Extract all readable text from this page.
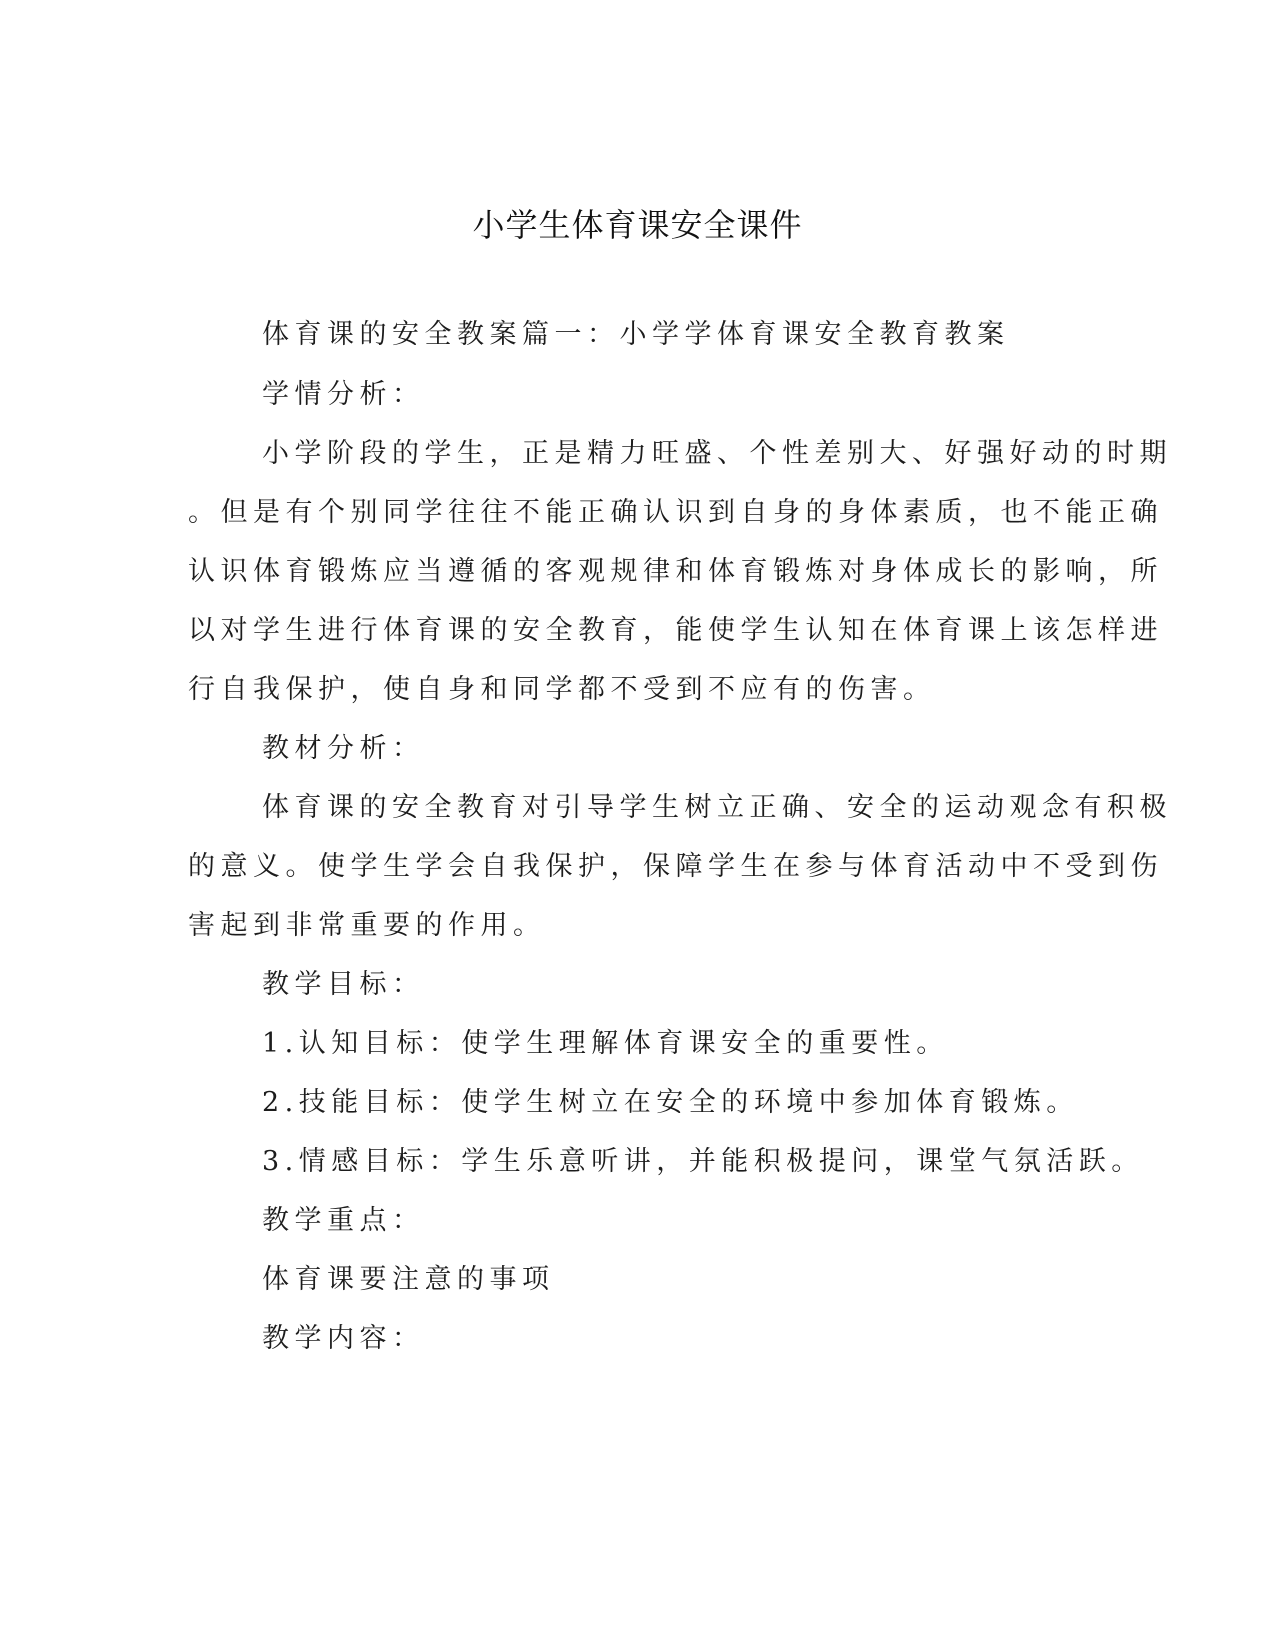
小学生体育课安全课件
体育课的安全教案篇一：小学学体育课安全教育教案
学情分析：
小学阶段的学生，正是精力旺盛、个性差别大、好强好动的时期
。但是有个别同学往往不能正确认识到自身的身体素质，也不能正确
认识体育锻炼应当遵循的客观规律和体育锻炼对身体成长的影响，所
以对学生进行体育课的安全教育，能使学生认知在体育课上该怎样进
行自我保护，使自身和同学都不受到不应有的伤害。
教材分析：
体育课的安全教育对引导学生树立正确、安全的运动观念有积极
的意义。使学生学会自我保护，保障学生在参与体育活动中不受到伤
害起到非常重要的作用。
教学目标：
1.认知目标：使学生理解体育课安全的重要性。
2.技能目标：使学生树立在安全的环境中参加体育锻炼。
3.情感目标：学生乐意听讲，并能积极提问，课堂气氛活跃。
教学重点：
体育课要注意的事项
教学内容：
